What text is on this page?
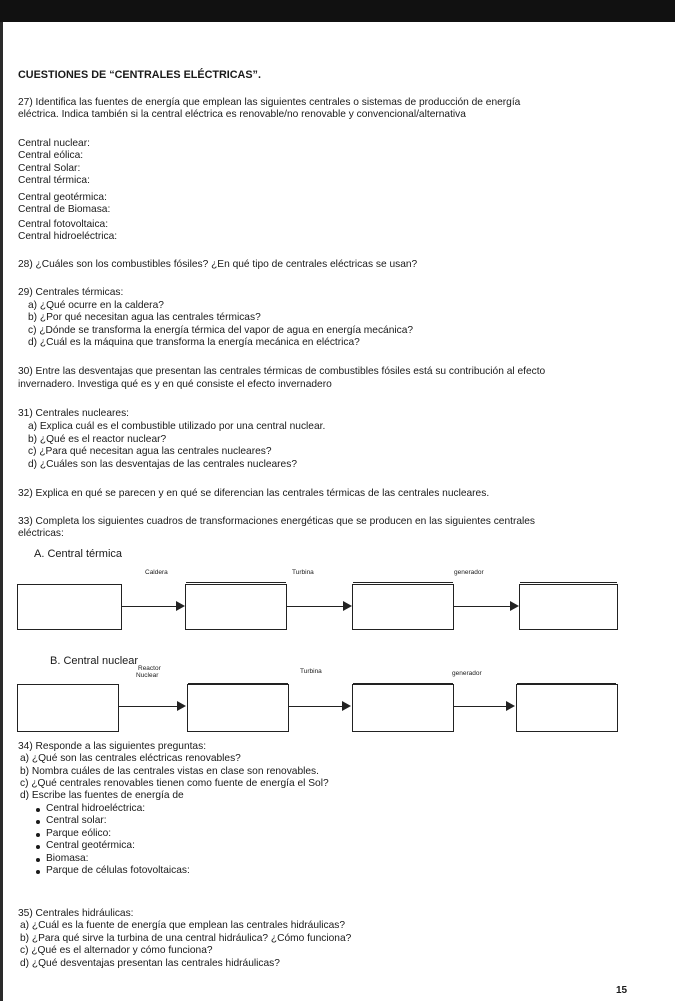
CUESTIONES DE “CENTRALES ELÉCTRICAS”.
27) Identifica las fuentes de energía que emplean las siguientes centrales o sistemas de producción de energía
eléctrica. Indica también si la central eléctrica es renovable/no renovable y convencional/alternativa
Central nuclear:
Central eólica:
Central Solar:
Central térmica:
Central geotérmica:
Central de Biomasa:
Central fotovoltaica:
Central hidroeléctrica:
28) ¿Cuáles son los combustibles fósiles? ¿En qué tipo de centrales eléctricas se usan?
29) Centrales térmicas:
a) ¿Qué ocurre en la caldera?
b) ¿Por qué necesitan agua las centrales térmicas?
c) ¿Dónde se transforma la energía térmica del vapor de agua en energía mecánica?
d) ¿Cuál es la máquina que transforma la energía mecánica en eléctrica?
30) Entre las desventajas que presentan las centrales térmicas de combustibles fósiles está su contribución al efecto
invernadero. Investiga qué es y en qué consiste el efecto invernadero
31) Centrales nucleares:
a) Explica cuál es el combustible utilizado por una central nuclear.
b) ¿Qué es el reactor nuclear?
c) ¿Para qué necesitan agua las centrales nucleares?
d) ¿Cuáles son las desventajas de las centrales nucleares?
32) Explica en qué se parecen y en qué se diferencian las centrales térmicas de las centrales nucleares.
33) Completa los siguientes cuadros de transformaciones energéticas que se producen en las siguientes centrales
eléctricas:
A. Central térmica
Caldera	Turbina	generador
B. Central nuclear
Reactor
Nuclear
Turbina	generador
34) Responde a las siguientes preguntas:
a) ¿Qué son las centrales eléctricas renovables?
b) Nombra cuáles de las centrales vistas en clase son renovables.
c) ¿Qué centrales renovables tienen como fuente de energía el Sol?
d) Escribe las fuentes de energía de
Central hidroeléctrica:
Central solar:
Parque eólico:
Central geotérmica:
Biomasa:
Parque de células fotovoltaicas:
35) Centrales hidráulicas:
a) ¿Cuál es la fuente de energía que emplean las centrales hidráulicas?
b) ¿Para qué sirve la turbina de una central hidráulica? ¿Cómo funciona?
c) ¿Qué es el alternador y cómo funciona?
d) ¿Qué desventajas presentan las centrales hidráulicas?
15
